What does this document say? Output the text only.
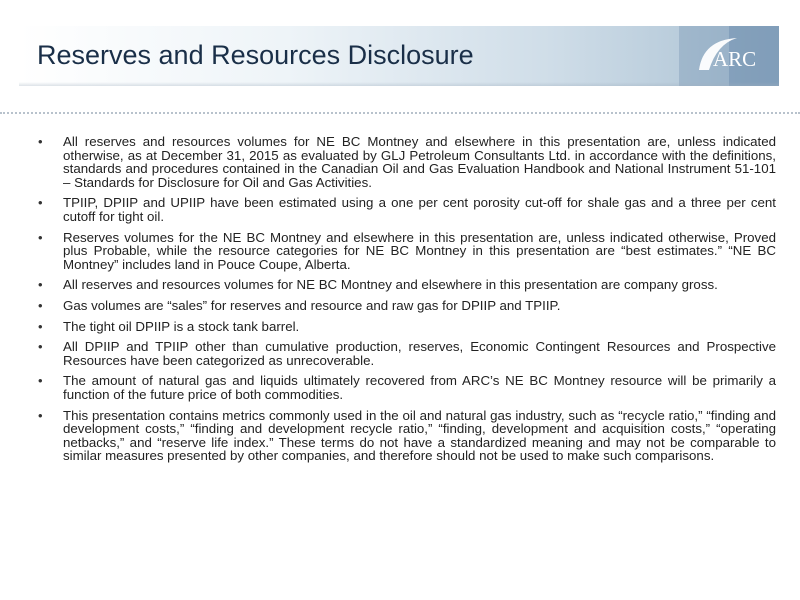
Reserves and Resources Disclosure	ARC
• All reserves and resources volumes for NE BC Montney and elsewhere in this presentation are, unless indicated otherwise, as at December 31, 2015 as evaluated by GLJ Petroleum Consultants Ltd. in accordance with the definitions, standards and procedures contained in the Canadian Oil and Gas Evaluation Handbook and National Instrument 51-101 – Standards for Disclosure for Oil and Gas Activities.
• TPIIP, DPIIP and UPIIP have been estimated using a one per cent porosity cut-off for shale gas and a three per cent cutoff for tight oil.
• Reserves volumes for the NE BC Montney and elsewhere in this presentation are, unless indicated otherwise, Proved plus Probable, while the resource categories for NE BC Montney in this presentation are “best estimates.” “NE BC Montney” includes land in Pouce Coupe, Alberta.
• All reserves and resources volumes for NE BC Montney and elsewhere in this presentation are company gross.
• Gas volumes are “sales” for reserves and resource and raw gas for DPIIP and TPIIP.
• The tight oil DPIIP is a stock tank barrel.
• All DPIIP and TPIIP other than cumulative production, reserves, Economic Contingent Resources and Prospective Resources have been categorized as unrecoverable.
• The amount of natural gas and liquids ultimately recovered from ARC’s NE BC Montney resource will be primarily a function of the future price of both commodities.
• This presentation contains metrics commonly used in the oil and natural gas industry, such as “recycle ratio,” “finding and development costs,” “finding and development recycle ratio,” “finding, development and acquisition costs,” “operating netbacks,” and “reserve life index.” These terms do not have a standardized meaning and may not be comparable to similar measures presented by other companies, and therefore should not be used to make such comparisons.
